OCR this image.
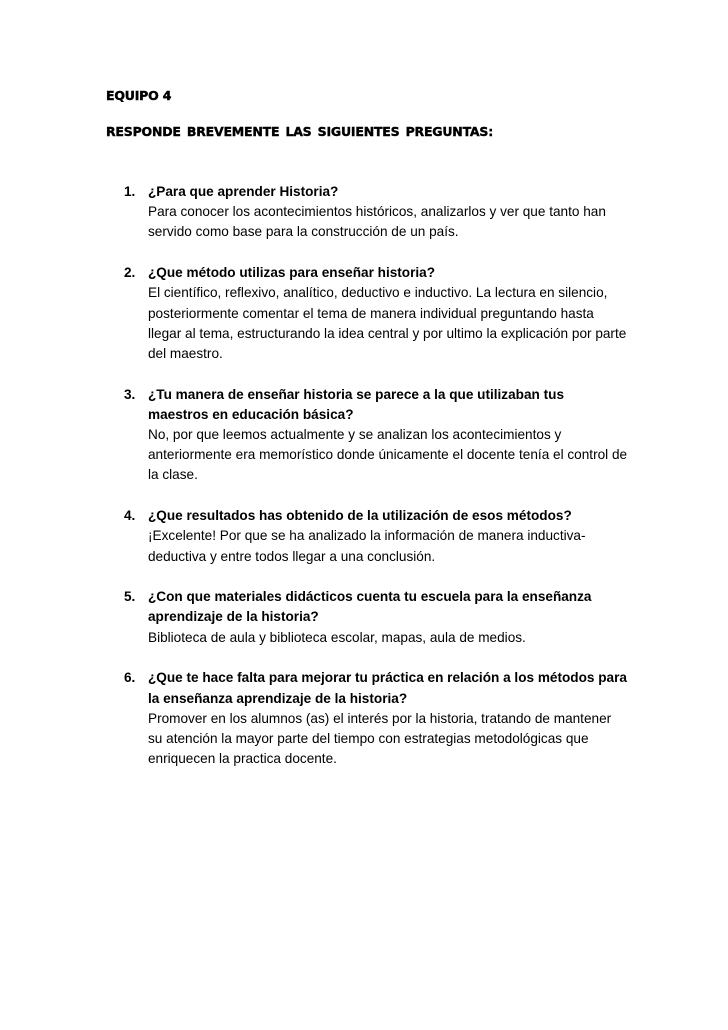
EQUIPO 4
RESPONDE BREVEMENTE LAS SIGUIENTES PREGUNTAS:
1. ¿Para que aprender Historia?
Para conocer los acontecimientos históricos, analizarlos y ver que tanto han servido como base para la construcción de un país.
2. ¿Que método utilizas para enseñar historia?
El científico, reflexivo, analítico, deductivo e inductivo. La lectura en silencio, posteriormente comentar el tema de manera individual preguntando hasta llegar al tema, estructurando la idea central y por ultimo la explicación por parte del maestro.
3. ¿Tu manera de enseñar historia se parece a la que utilizaban tus maestros en educación básica?
No, por que leemos actualmente y se analizan los acontecimientos y anteriormente era memorístico donde únicamente el docente tenía el control de la clase.
4. ¿Que resultados has obtenido de la utilización de esos métodos?
¡Excelente! Por que se ha analizado la información de manera inductiva-deductiva y entre todos llegar a una conclusión.
5. ¿Con que materiales didácticos cuenta tu escuela para la enseñanza aprendizaje de la historia?
Biblioteca de aula y biblioteca escolar, mapas, aula de medios.
6. ¿Que te hace falta para mejorar tu práctica en relación a los métodos para la enseñanza aprendizaje de la historia?
Promover en los alumnos (as) el interés por la historia, tratando de mantener su atención la mayor parte del tiempo con estrategias metodológicas que enriquecen la practica docente.
